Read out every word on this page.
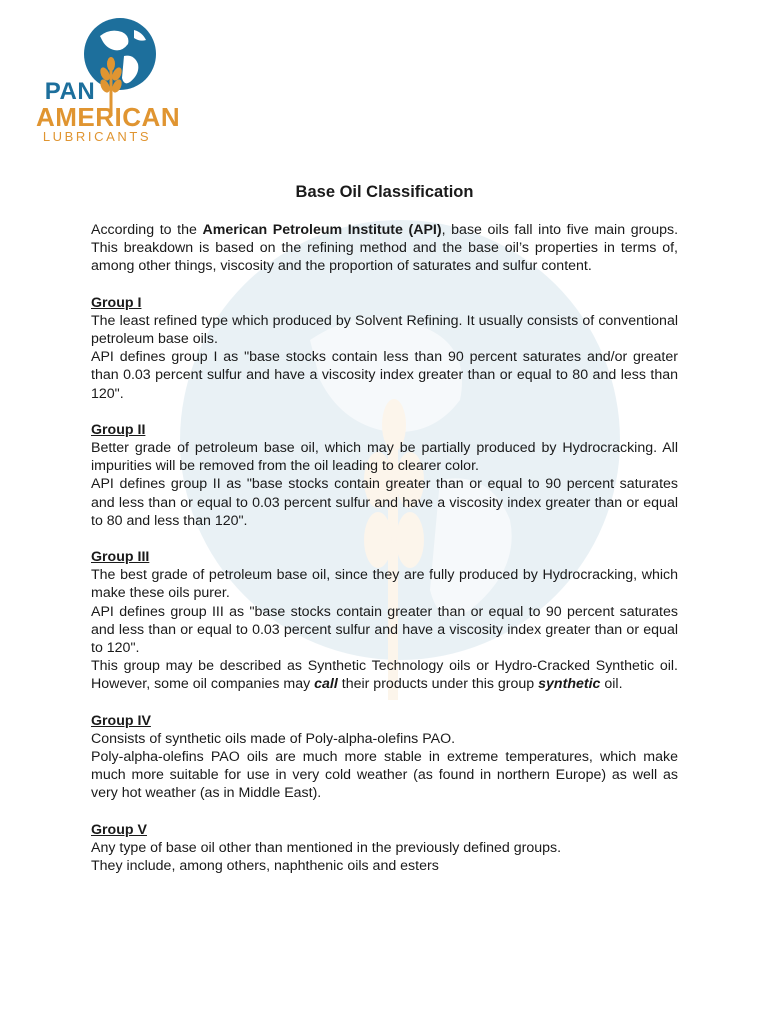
PAN
AMERICAN
LUBRICANTS
Base Oil Classification

According to the American Petroleum Institute (API), base oils fall into five main groups. This breakdown is based on the refining method and the base oil’s properties in terms of, among other things, viscosity and the proportion of saturates and sulfur content.

Group I

The least refined type which produced by Solvent Refining. It usually consists of conventional petroleum base oils.

API defines group I as "base stocks contain less than 90 percent saturates and/or greater than 0.03 percent sulfur and have a viscosity index greater than or equal to 80 and less than 120".

Group II

Better grade of petroleum base oil, which may be partially produced by Hydrocracking. All impurities will be removed from the oil leading to clearer color.

API defines group II as "base stocks contain greater than or equal to 90 percent saturates and less than or equal to 0.03 percent sulfur and have a viscosity index greater than or equal to 80 and less than 120".

Group III

The best grade of petroleum base oil, since they are fully produced by Hydrocracking, which make these oils purer.

API defines group III as "base stocks contain greater than or equal to 90 percent saturates and less than or equal to 0.03 percent sulfur and have a viscosity index greater than or equal to 120".

This group may be described as Synthetic Technology oils or Hydro-Cracked Synthetic oil. However, some oil companies may call their products under this group synthetic oil.

Group IV

Consists of synthetic oils made of Poly-alpha-olefins PAO.

Poly-alpha-olefins PAO oils are much more stable in extreme temperatures, which make much more suitable for use in very cold weather (as found in northern Europe) as well as very hot weather (as in Middle East).

Group V

Any type of base oil other than mentioned in the previously defined groups.

They include, among others, naphthenic oils and esters
